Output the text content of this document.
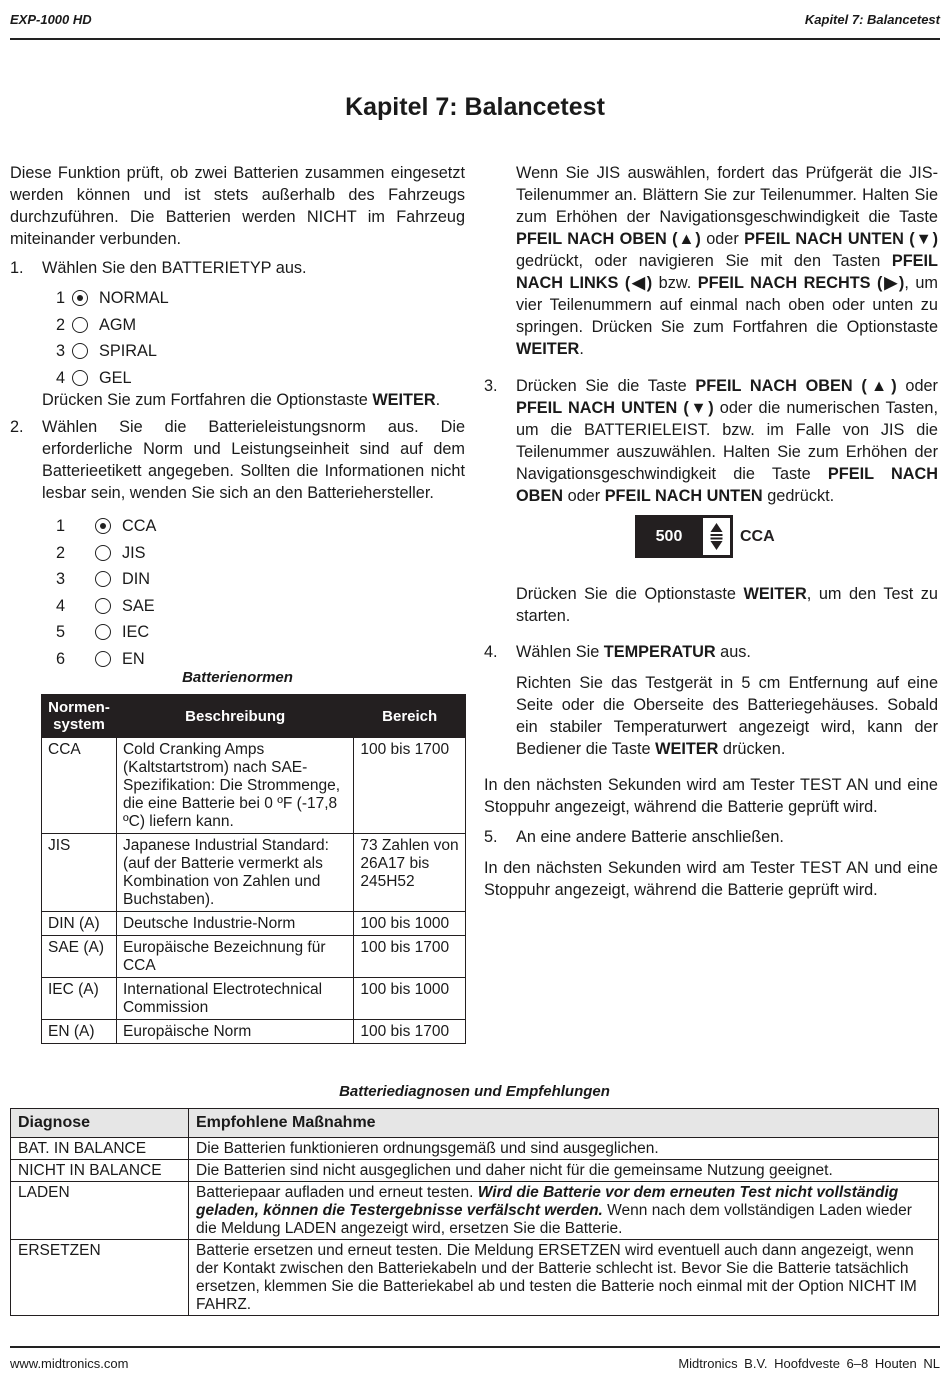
EXP-1000 HD	Kapitel 7: Balancetest
Kapitel 7: Balancetest

Diese Funktion prüft, ob zwei Batterien zusammen eingesetzt werden können und ist stets außerhalb des Fahrzeugs durchzuführen. Die Batterien werden NICHT im Fahrzeug miteinander verbunden.

1. Wählen Sie den BATTERIETYP aus.
1 NORMAL
2 AGM
3 SPIRAL
4 GEL
Drücken Sie zum Fortfahren die Optionstaste WEITER.
2. Wählen Sie die Batterieleistungsnorm aus. Die erforderliche Norm und Leistungseinheit sind auf dem Batterieetikett angegeben. Sollten die Informationen nicht lesbar sein, wenden Sie sich an den Batteriehersteller.
1	CCA
2	JIS
3	DIN
4	SAE
5	IEC
6	EN
Batterienormen
Normen-
system	Beschreibung	Bereich
CCA	Cold Cranking Amps (Kaltstartstrom) nach SAE-Spezifikation: Die Strommenge, die eine Batterie bei 0 ºF (-17,8 ºC) liefern kann.	100 bis 1700
JIS	Japanese Industrial Standard: (auf der Batterie vermerkt als Kombination von Zahlen und Buchstaben).	73 Zahlen von 26A17 bis 245H52
DIN (A)	Deutsche Industrie-Norm	100 bis 1000
SAE (A)	Europäische Bezeichnung für CCA	100 bis 1700
IEC (A)	International Electrotechnical Commission	100 bis 1000
EN (A)	Europäische Norm	100 bis 1700

Wenn Sie JIS auswählen, fordert das Prüfgerät die JIS-Teilenummer an. Blättern Sie zur Teilenummer. Halten Sie zum Erhöhen der Navigationsgeschwindigkeit die Taste PFEIL NACH OBEN (▲) oder PFEIL NACH UNTEN (▼) gedrückt, oder navigieren Sie mit den Tasten PFEIL NACH LINKS (◀) bzw. PFEIL NACH RECHTS (▶), um vier Teilenummern auf einmal nach oben oder unten zu springen. Drücken Sie zum Fortfahren die Optionstaste WEITER.

3. Drücken Sie die Taste PFEIL NACH OBEN (▲) oder PFEIL NACH UNTEN (▼) oder die numerischen Tasten, um die BATTERIELEIST. bzw. im Falle von JIS die Teilenummer auszuwählen. Halten Sie zum Erhöhen der Navigationsgeschwindigkeit die Taste PFEIL NACH OBEN oder PFEIL NACH UNTEN gedrückt.

Drücken Sie die Optionstaste WEITER, um den Test zu starten.

4. Wählen Sie TEMPERATUR aus.

Richten Sie das Testgerät in 5 cm Entfernung auf eine Seite oder die Oberseite des Batteriegehäuses. Sobald ein stabiler Temperaturwert angezeigt wird, kann der Bediener die Taste WEITER drücken.

In den nächsten Sekunden wird am Tester TEST AN und eine Stoppuhr angezeigt, während die Batterie geprüft wird.

5. An eine andere Batterie anschließen.

In den nächsten Sekunden wird am Tester TEST AN und eine Stoppuhr angezeigt, während die Batterie geprüft wird.

500	CCA
Batteriediagnosen und Empfehlungen
Diagnose	Empfohlene Maßnahme
BAT. IN BALANCE	Die Batterien funktionieren ordnungsgemäß und sind ausgeglichen.
NICHT IN BALANCE	Die Batterien sind nicht ausgeglichen und daher nicht für die gemeinsame Nutzung geeignet.
LADEN	Batteriepaar aufladen und erneut testen. Wird die Batterie vor dem erneuten Test nicht vollständig geladen, können die Testergebnisse verfälscht werden. Wenn nach dem vollständigen Laden wieder die Meldung LADEN angezeigt wird, ersetzen Sie die Batterie.
ERSETZEN	Batterie ersetzen und erneut testen. Die Meldung ERSETZEN wird eventuell auch dann angezeigt, wenn der Kontakt zwischen den Batteriekabeln und der Batterie schlecht ist. Bevor Sie die Batterie tatsächlich ersetzen, klemmen Sie die Batteriekabel ab und testen die Batterie noch einmal mit der Option NICHT IM FAHRZ.
www.midtronics.com	Midtronics B.V. Hoofdveste 6–8 Houten NL
